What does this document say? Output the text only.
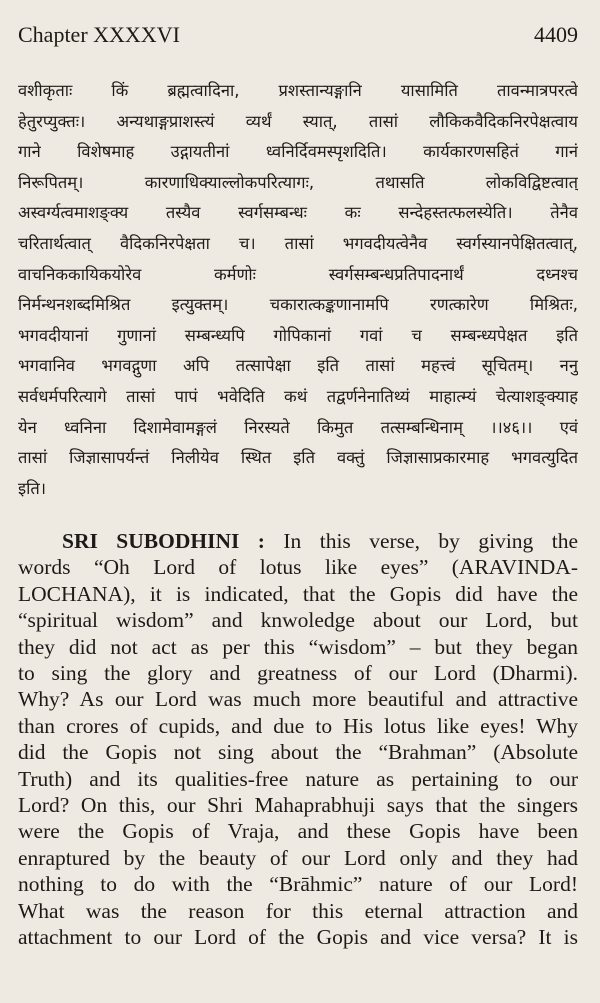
Chapter XXXXVI	4409
वशीकृताः किं ब्रह्मत्वादिना, प्रशस्तान्यङ्गानि यासामिति तावन्मात्रपरत्वे
हेतुरप्युक्तः। अन्यथाङ्गप्राशस्त्यं व्यर्थं स्यात्, तासां लौकिकवैदिकनिरपेक्षत्वाय
गाने विशेषमाह उद्गायतीनां ध्वनिर्दिवमस्पृशदिति। कार्यकारणसहितं गानं
निरूपितम्। कारणाधिक्याल्लोकपरित्यागः, तथासति लोकविद्विष्टत्वात्
अस्वर्ग्यत्वमाशङ्क्य तस्यैव स्वर्गसम्बन्धः कः सन्देहस्तत्फलस्येति। तेनैव
चरितार्थत्वात् वैदिकनिरपेक्षता च। तासां भगवदीयत्वेनैव स्वर्गस्यानपेक्षितत्वात्,
वाचनिककायिकयोरेव कर्मणोः स्वर्गसम्बन्धप्रतिपादनार्थं दध्नश्च
निर्मन्थनशब्दमिश्रित इत्युक्तम्। चकारात्कङ्कणानामपि रणत्कारेण मिश्रितः,
भगवदीयानां गुणानां सम्बन्ध्यपि गोपिकानां गवां च सम्बन्ध्यपेक्षत इति
भगवानिव भगवद्गुणा अपि तत्सापेक्षा इति तासां महत्त्वं सूचितम्। ननु
सर्वधर्मपरित्यागे तासां पापं भवेदिति कथं तद्वर्णनेनातिथ्यं माहात्म्यं चेत्याशङ्क्याह
येन ध्वनिना दिशामेवामङ्गलं निरस्यते किमुत तत्सम्बन्धिनाम् ।।४६।। एवं
तासां जिज्ञासापर्यन्तं निलीयेव स्थित इति वक्तुं जिज्ञासाप्रकारमाह भगवत्युदित
इति।
SRI SUBODHINI : In this verse, by giving the
words “Oh Lord of lotus like eyes” (ARAVINDA-
LOCHANA), it is indicated, that the Gopis did have the
“spiritual wisdom” and knwoledge about our Lord, but
they did not act as per this “wisdom” – but they began
to sing the glory and greatness of our Lord (Dharmi).
Why? As our Lord was much more beautiful and attractive
than crores of cupids, and due to His lotus like eyes! Why
did the Gopis not sing about the “Brahman” (Absolute
Truth) and its qualities-free nature as pertaining to our
Lord? On this, our Shri Mahaprabhuji says that the singers
were the Gopis of Vraja, and these Gopis have been
enraptured by the beauty of our Lord only and they had
nothing to do with the “Brāhmic” nature of our Lord!
What was the reason for this eternal attraction and
attachment to our Lord of the Gopis and vice versa? It is
